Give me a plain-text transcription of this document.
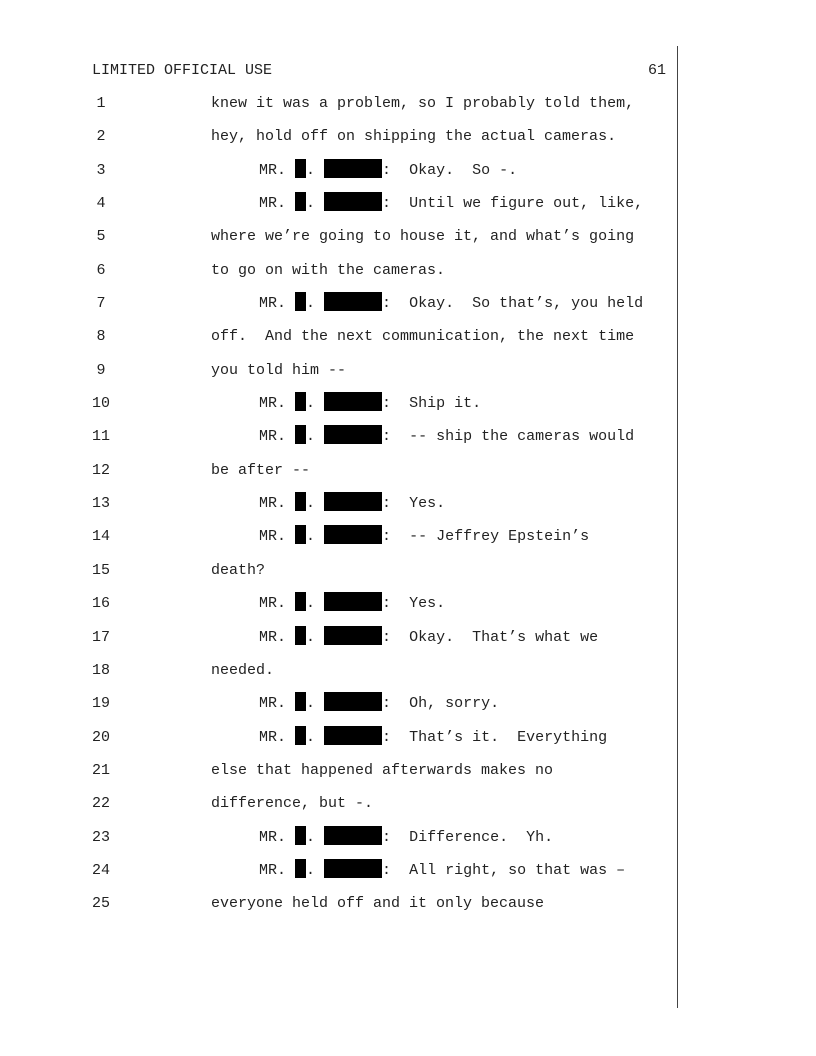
LIMITED OFFICIAL USE	61
1	knew it was a problem, so I probably told them,
2	hey, hold off on shipping the actual cameras.
3	MR. .	:  Okay.  So -.
4	MR. .	:  Until we figure out, like,
5	where we’re going to house it, and what’s going
6	to go on with the cameras.
7	MR. .	:  Okay.  So that’s, you held
8	off.  And the next communication, the next time
9	you told him --
10	MR. .	:  Ship it.
11	MR. .	:  -- ship the cameras would
12	be after --
13	MR. .	:  Yes.
14	MR. .	:  -- Jeffrey Epstein’s
15	death?
16	MR. .	:  Yes.
17	MR. .	:  Okay.  That’s what we
18	needed.
19	MR. .	:  Oh, sorry.
20	MR. .	:  That’s it.  Everything
21	else that happened afterwards makes no
22	difference, but -.
23	MR. .	:  Difference.  Yh.
24	MR. .	:  All right, so that was –
25	everyone held off and it only because
